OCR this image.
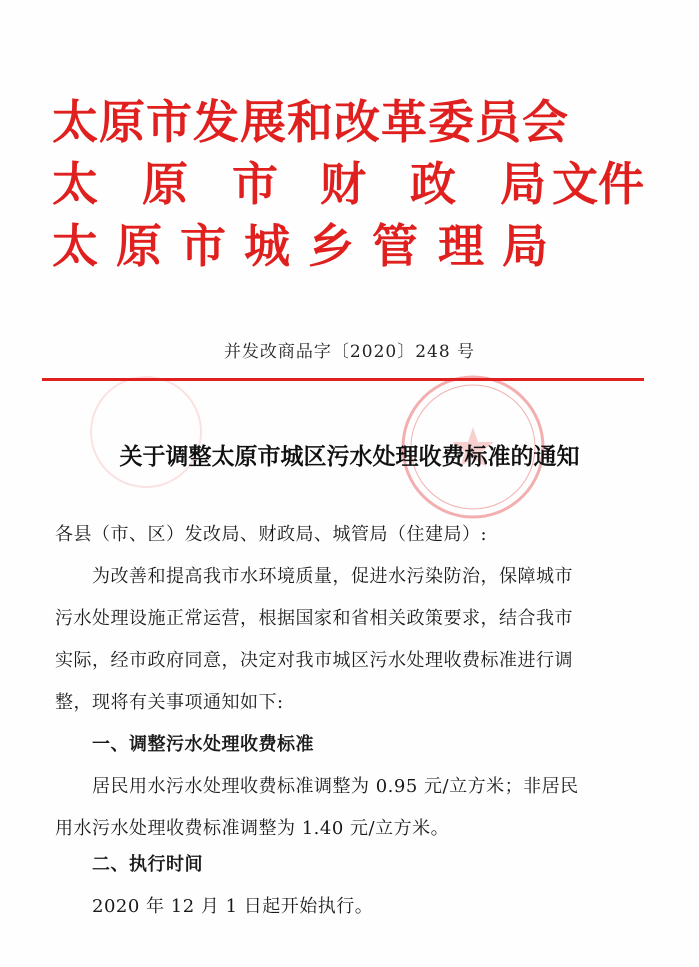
太原市发展和改革委员会
太 原 市 财 政 局 文件
太 原 市 城 乡 管 理 局
并发改商品字〔2020〕248 号
关于调整太原市城区污水处理收费标准的通知
各县（市、区）发改局、财政局、城管局（住建局）:
为改善和提高我市水环境质量，促进水污染防治，保障城市
污水处理设施正常运营，根据国家和省相关政策要求，结合我市
实际，经市政府同意，决定对我市城区污水处理收费标准进行调
整，现将有关事项通知如下:
一、调整污水处理收费标准
居民用水污水处理收费标准调整为 0.95 元/立方米；非居民
用水污水处理收费标准调整为 1.40 元/立方米。
二、执行时间
2020 年 12 月 1 日起开始执行。
